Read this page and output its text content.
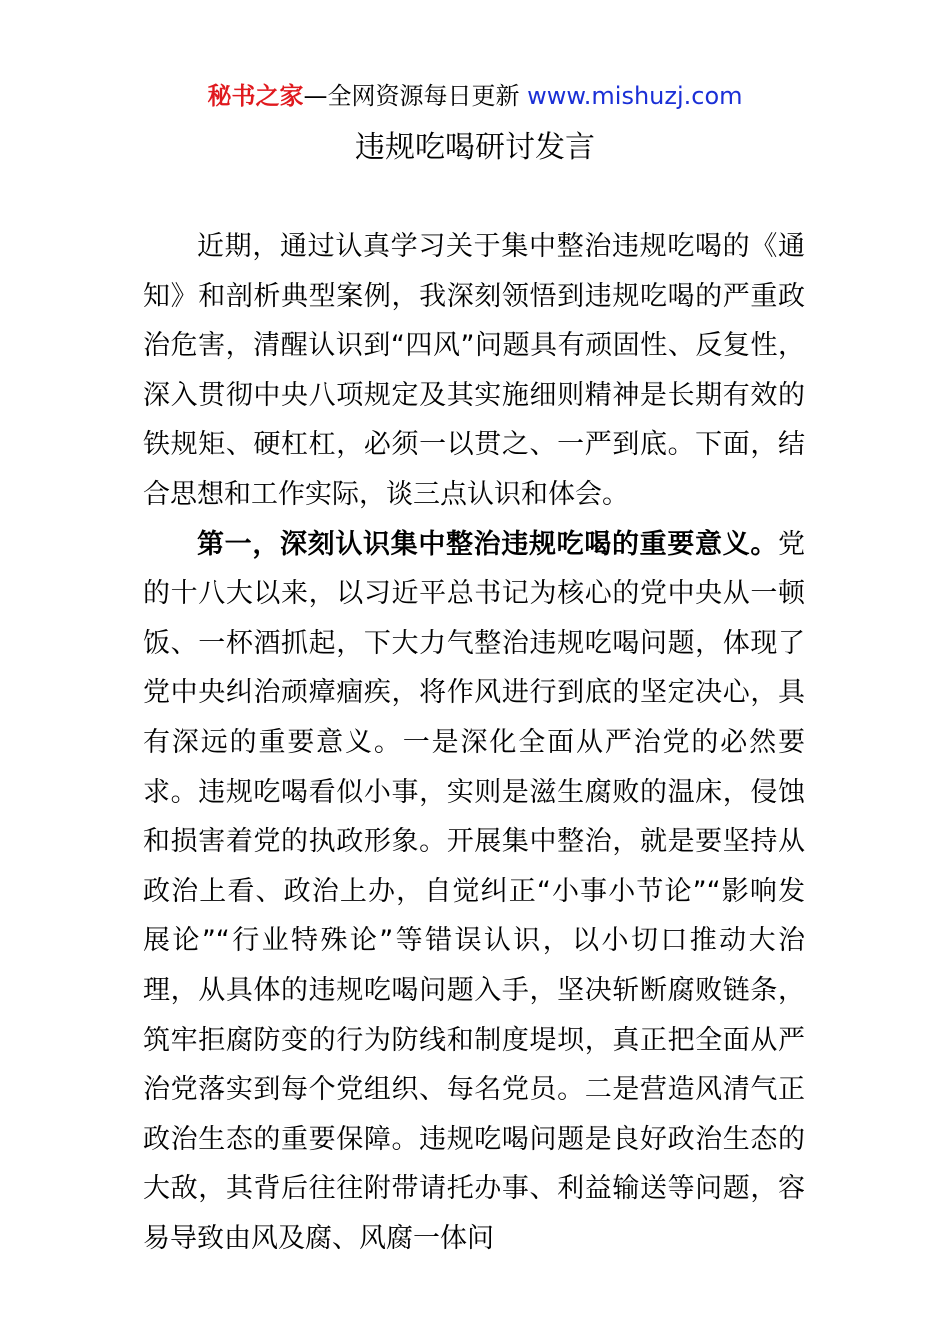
秘书之家—全网资源每日更新 www.mishuzj.com
违规吃喝研讨发言

近期，通过认真学习关于集中整治违规吃喝的《通知》和剖析典型案例，我深刻领悟到违规吃喝的严重政治危害，清醒认识到“四风”问题具有顽固性、反复性，深入贯彻中央八项规定及其实施细则精神是长期有效的铁规矩、硬杠杠，必须一以贯之、一严到底。下面，结合思想和工作实际，谈三点认识和体会。

第一，深刻认识集中整治违规吃喝的重要意义。党的十八大以来，以习近平总书记为核心的党中央从一顿饭、一杯酒抓起，下大力气整治违规吃喝问题，体现了党中央纠治顽瘴痼疾，将作风进行到底的坚定决心，具有深远的重要意义。一是深化全面从严治党的必然要求。违规吃喝看似小事，实则是滋生腐败的温床，侵蚀和损害着党的执政形象。开展集中整治，就是要坚持从政治上看、政治上办，自觉纠正“小事小节论”“影响发展论”“行业特殊论”等错误认识，以小切口推动大治理，从具体的违规吃喝问题入手，坚决斩断腐败链条，筑牢拒腐防变的行为防线和制度堤坝，真正把全面从严治党落实到每个党组织、每名党员。二是营造风清气正政治生态的重要保障。违规吃喝问题是良好政治生态的大敌，其背后往往附带请托办事、利益输送等问题，容易导致由风及腐、风腐一体问
